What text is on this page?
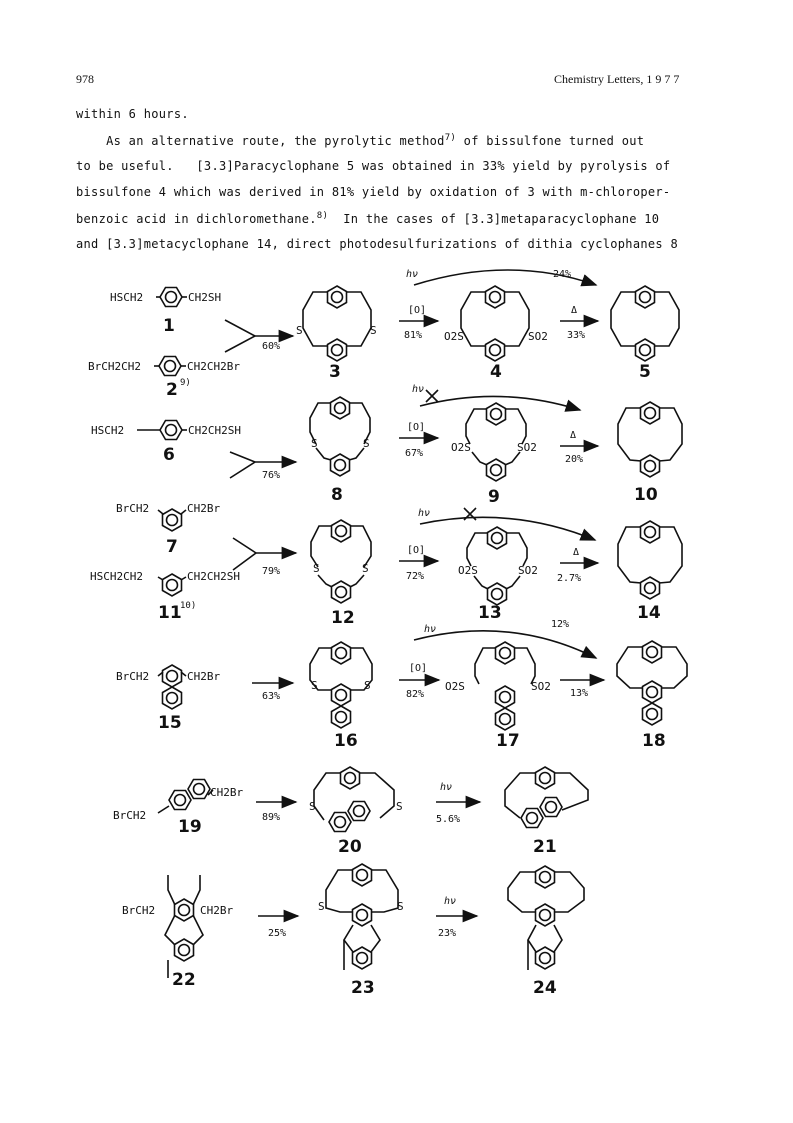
978	Chemistry Letters, 1 9 7 7
within 6 hours.
As an alternative route, the pyrolytic method$^{7)}$ of bissulfone turned out
to be useful.   [3.3]Paracyclophane 5 was obtained in 33% yield by pyrolysis of
bissulfone 4 which was derived in 81% yield by oxidation of 3 with m-chloroper-
benzoic acid in dichloromethane.$^{8)}$  In the cases of [3.3]metaparacyclophane 10
and [3.3]metacyclophane 14, direct photodesulfurizations of dithia cyclophanes 8
HSCH2	CH2SH
1
BrCH2CH2	CH2CH2Br
2 9)
60%
S	S
3
[O]
81%
hν	24%
O2S	SO2
4
Δ
33%
5
HSCH2	CH2CH2SH
6
76%
S	S
8
[O]
67%
hν
O2S	SO2
9
Δ
20%
10
BrCH2	CH2Br
7
HSCH2CH2	CH2CH2SH
11
10)
79%	S	S
12
[O]
72%
hν
O2S	SO2
13
Δ
2.7%
14
BrCH2	CH2Br
15
63%
S	S
16
[O]
82%
hν	12%
O2S	SO2
17
13%
18
CH2Br
BrCH2
19	89%
S	S
20
hν
5.6%
21
BrCH2	CH2Br
22
25%
S	S
23
hν
23%
24
